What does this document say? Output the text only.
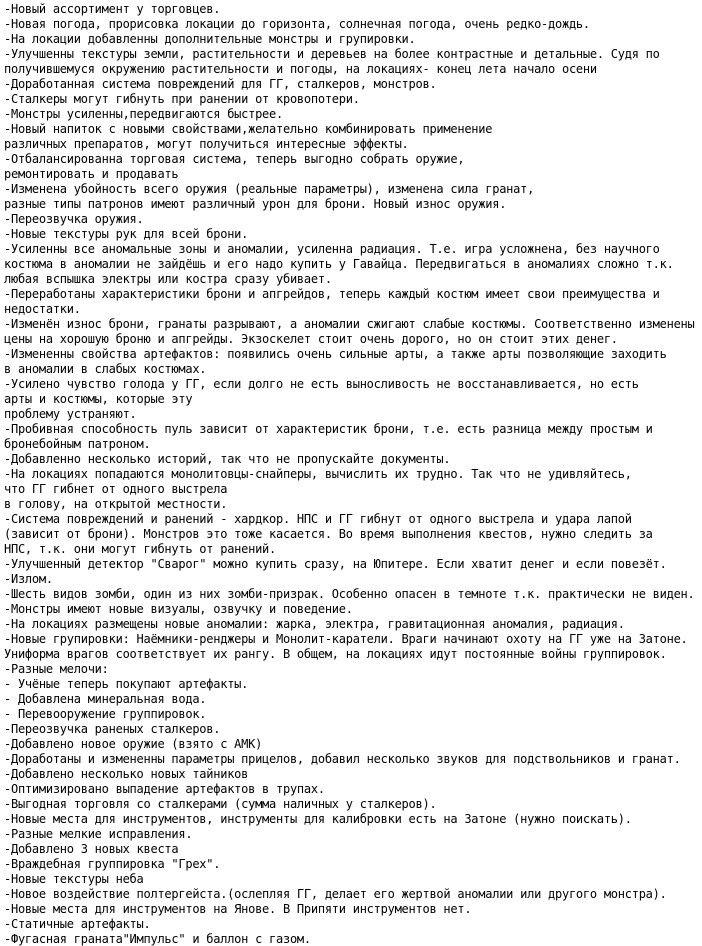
-Новый ассортимент у торговцев.
-Новая погода, прорисовка локации до горизонта, солнечная погода, очень редко-дождь.
-На локации добавленны дополнительные монстры и групировки.
-Улучшенны текстуры земли, растительности и деревьев на более контрастные и детальные. Судя по
получившемуся окружению растительности и погоды, на локациях- конец лета начало осени
-Доработанная система повреждений для ГГ, сталкеров, монстров.
-Сталкеры могут гибнуть при ранении от кровопотери.
-Монстры усиленны,передвигаются быстрее.
-Новый напиток с новыми свойствами,желательно комбинировать применение
различных препаратов, могут получиться интересные эффекты.
-Отбалансированна торговая система, теперь выгодно собрать оружие,
ремонтировать и продавать
-Изменена убойность всего оружия (реальные параметры), изменена сила гранат,
разные типы патронов имеют различный урон для брони. Новый износ оружия.
-Переозвучка оружия.
-Новые текстуры рук для всей брони.
-Усиленны все аномальные зоны и аномалии, усиленна радиация. Т.е. игра усложнена, без научного
костюма в аномалии не зайдёшь и его надо купить у Гавайца. Передвигаться в аномалиях сложно т.к.
любая вспышка электры или костра сразу убивает.
-Переработаны характеристики брони и апгрейдов, теперь каждый костюм имеет свои преимущества и
недостатки.
-Изменён износ брони, гранаты разрывают, а аномалии сжигают слабые костюмы. Соответственно изменены
цены на хорошую броню и апгрейды. Экзоскелет стоит очень дорого, но он стоит этих денег.
-Измененны свойства артефактов: появились очень сильные арты, а также арты позволяющие заходить
в аномалии в слабых костюмах.
-Усилено чувство голода у ГГ, если долго не есть выносливость не восстанавливается, но есть
арты и костюмы, которые эту
проблему устраняют.
-Пробивная способность пуль зависит от характеристик брони, т.е. есть разница между простым и
бронебойным патроном.
-Добавленно несколько историй, так что не пропускайте документы.
-На локациях попадаются монолитовцы-снайперы, вычислить их трудно. Так что не удивляйтесь,
что ГГ гибнет от одного выстрела
в голову, на открытой местности.
-Система повреждений и ранений - хардкор. НПС и ГГ гибнут от одного выстрела и удара лапой
(зависит от брони). Монстров это тоже касается. Во время выполнения квестов, нужно следить за
НПС, т.к. они могут гибнуть от ранений.
-Улучшенный детектор "Сварог" можно купить сразу, на Юпитере. Если хватит денег и если повезёт.
-Излом.
-Шесть видов зомби, один из них зомби-призрак. Особенно опасен в темноте т.к. практически не виден.
-Монстры имеют новые визуалы, озвучку и поведение.
-На локациях размещены новые аномалии: жарка, электра, гравитационная аномалия, радиация.
-Новые групировки: Наёмники-ренджеры и Монолит-каратели. Враги начинают охоту на ГГ уже на Затоне.
Униформа врагов соответствует их рангу. В общем, на локациях идут постоянные войны группировок.
-Разные мелочи:
- Учёные теперь покупают артефакты.
- Добавлена минеральная вода.
- Перевооружение группировок.
-Переозвучка раненых сталкеров.
-Добавлено новое оружие (взято с АМК)
-Доработаны и измененны параметры прицелов, добавил несколько звуков для подствольников и гранат.
-Добавлено несколько новых тайников
-Оптимизировано выпадение артефактов в трупах.
-Выгодная торговля со сталкерами (сумма наличных у сталкеров).
-Новые места для инструментов, инструменты для калибровки есть на Затоне (нужно поискать).
-Разные мелкие исправления.
-Добавлено 3 новых квеста
-Враждебная группировка "Грех".
-Новые текстуры неба
-Новое воздействие полтергейста.(ослепляя ГГ, делает его жертвой аномалии или другого монстра).
-Новые места для инструментов на Янове. В Припяти инструментов нет.
-Статичные артефакты.
-Фугасная граната"Импульс" и баллон с газом.
